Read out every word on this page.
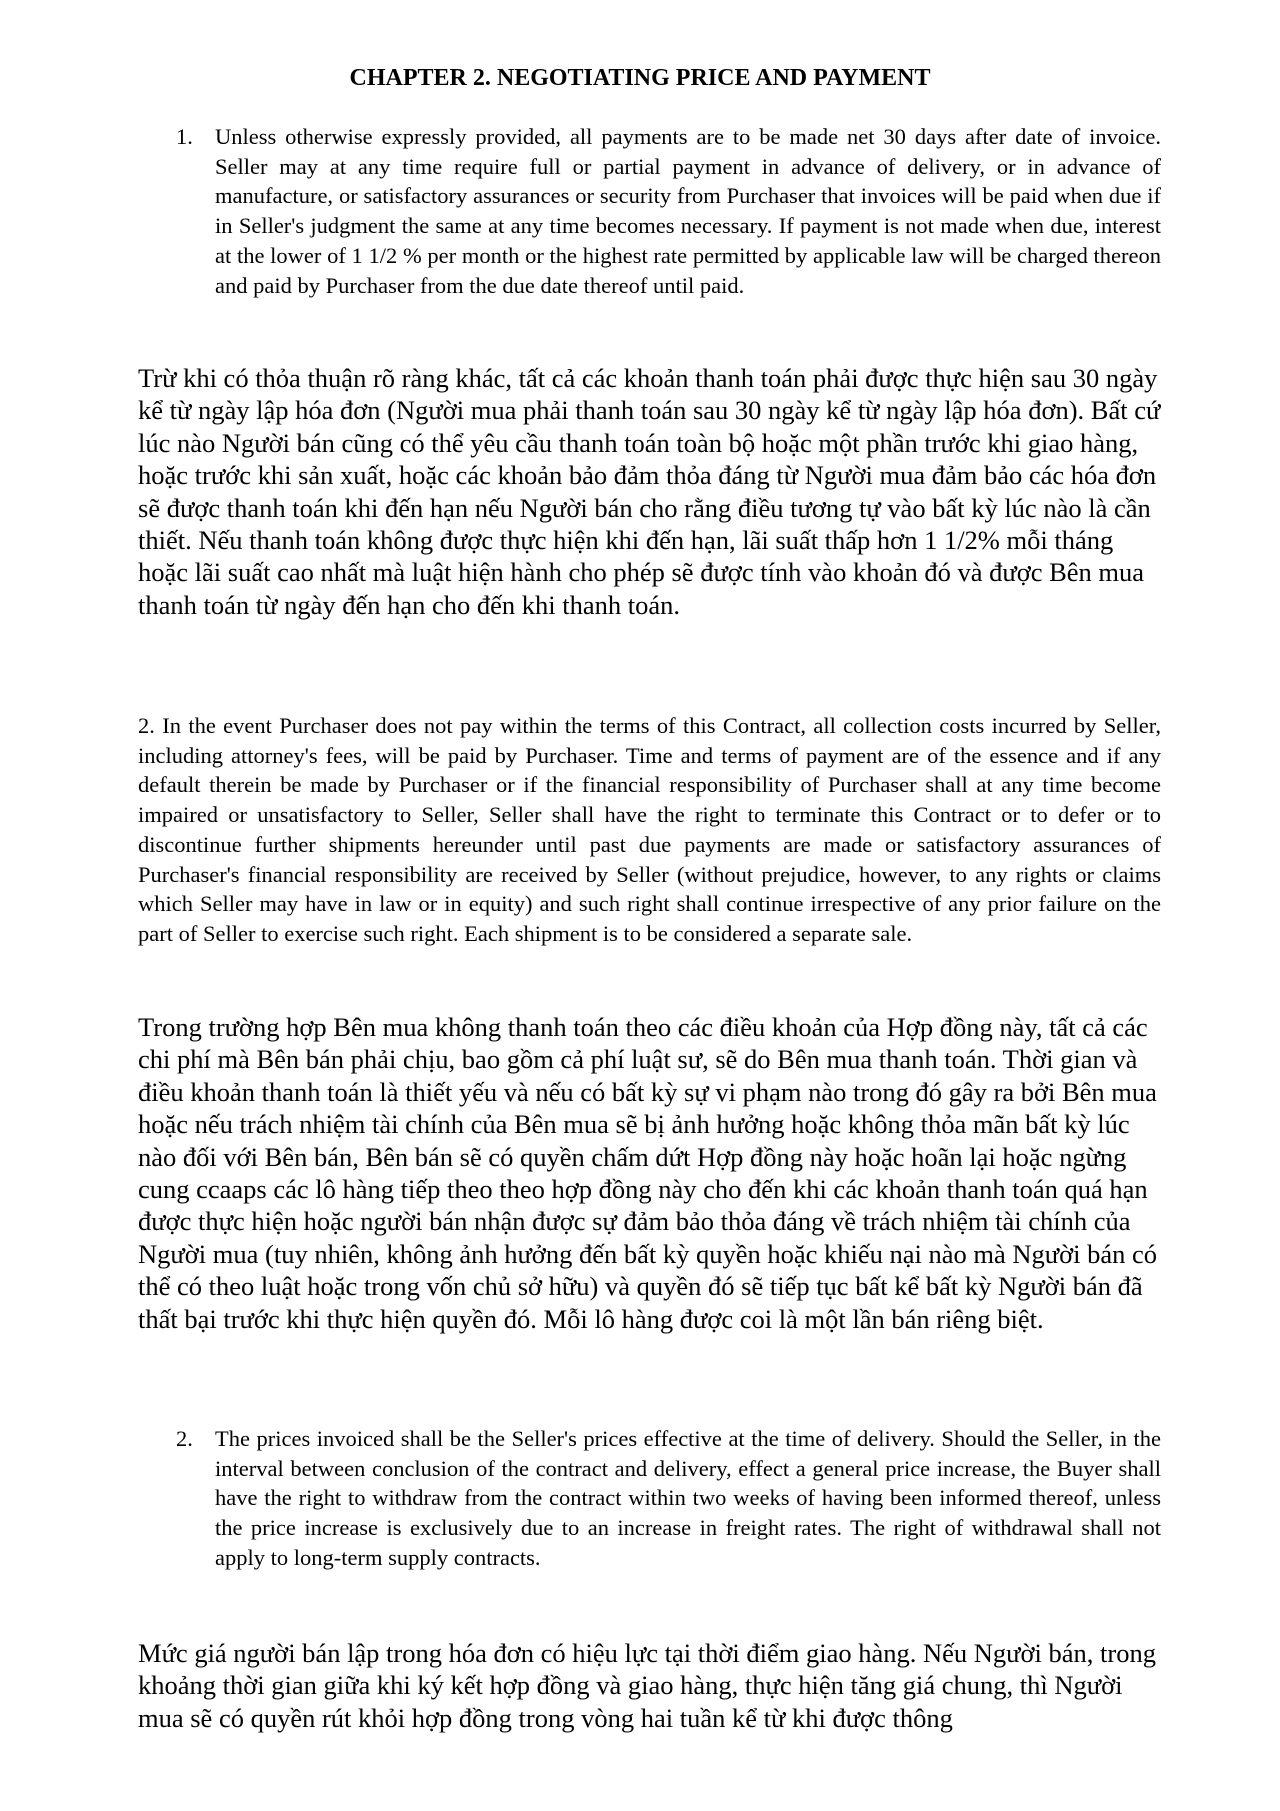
CHAPTER 2. NEGOTIATING PRICE AND PAYMENT
1. Unless otherwise expressly provided, all payments are to be made net 30 days after date of invoice. Seller may at any time require full or partial payment in advance of delivery, or in advance of manufacture, or satisfactory assurances or security from Purchaser that invoices will be paid when due if in Seller's judgment the same at any time becomes necessary. If payment is not made when due, interest at the lower of 1 1/2 % per month or the highest rate permitted by applicable law will be charged thereon and paid by Purchaser from the due date thereof until paid.
Trừ khi có thỏa thuận rõ ràng khác, tất cả các khoản thanh toán phải được thực hiện sau 30 ngày kể từ ngày lập hóa đơn (Người mua phải thanh toán sau 30 ngày kể từ ngày lập hóa đơn). Bất cứ lúc nào Người bán cũng có thể yêu cầu thanh toán toàn bộ hoặc một phần trước khi giao hàng, hoặc trước khi sản xuất, hoặc các khoản bảo đảm thỏa đáng từ Người mua đảm bảo các hóa đơn sẽ được thanh toán khi đến hạn nếu Người bán cho rằng điều tương tự vào bất kỳ lúc nào là cần thiết. Nếu thanh toán không được thực hiện khi đến hạn, lãi suất thấp hơn 1 1/2% mỗi tháng hoặc lãi suất cao nhất mà luật hiện hành cho phép sẽ được tính vào khoản đó và được Bên mua thanh toán từ ngày đến hạn cho đến khi thanh toán.
2. In the event Purchaser does not pay within the terms of this Contract, all collection costs incurred by Seller, including attorney's fees, will be paid by Purchaser. Time and terms of payment are of the essence and if any default therein be made by Purchaser or if the financial responsibility of Purchaser shall at any time become impaired or unsatisfactory to Seller, Seller shall have the right to terminate this Contract or to defer or to discontinue further shipments hereunder until past due payments are made or satisfactory assurances of Purchaser's financial responsibility are received by Seller (without prejudice, however, to any rights or claims which Seller may have in law or in equity) and such right shall continue irrespective of any prior failure on the part of Seller to exercise such right. Each shipment is to be considered a separate sale.
Trong trường hợp Bên mua không thanh toán theo các điều khoản của Hợp đồng này, tất cả các chi phí mà Bên bán phải chịu, bao gồm cả phí luật sư, sẽ do Bên mua thanh toán. Thời gian và điều khoản thanh toán là thiết yếu và nếu có bất kỳ sự vi phạm nào trong đó gây ra bởi Bên mua hoặc nếu trách nhiệm tài chính của Bên mua sẽ bị ảnh hưởng hoặc không thỏa mãn bất kỳ lúc nào đối với Bên bán, Bên bán sẽ có quyền chấm dứt Hợp đồng này hoặc hoãn lại hoặc ngừng cung ccaaps các lô hàng tiếp theo theo hợp đồng này cho đến khi các khoản thanh toán quá hạn được thực hiện hoặc người bán nhận được sự đảm bảo thỏa đáng về trách nhiệm tài chính của Người mua (tuy nhiên, không ảnh hưởng đến bất kỳ quyền hoặc khiếu nại nào mà Người bán có thể có theo luật hoặc trong vốn chủ sở hữu) và quyền đó sẽ tiếp tục bất kể bất kỳ Người bán đã thất bại trước khi thực hiện quyền đó. Mỗi lô hàng được coi là một lần bán riêng biệt.
2. The prices invoiced shall be the Seller's prices effective at the time of delivery. Should the Seller, in the interval between conclusion of the contract and delivery, effect a general price increase, the Buyer shall have the right to withdraw from the contract within two weeks of having been informed thereof, unless the price increase is exclusively due to an increase in freight rates. The right of withdrawal shall not apply to long-term supply contracts.
Mức giá người bán lập trong hóa đơn có hiệu lực tại thời điểm giao hàng. Nếu Người bán, trong khoảng thời gian giữa khi ký kết hợp đồng và giao hàng, thực hiện tăng giá chung, thì Người mua sẽ có quyền rút khỏi hợp đồng trong vòng hai tuần kể từ khi được thông
